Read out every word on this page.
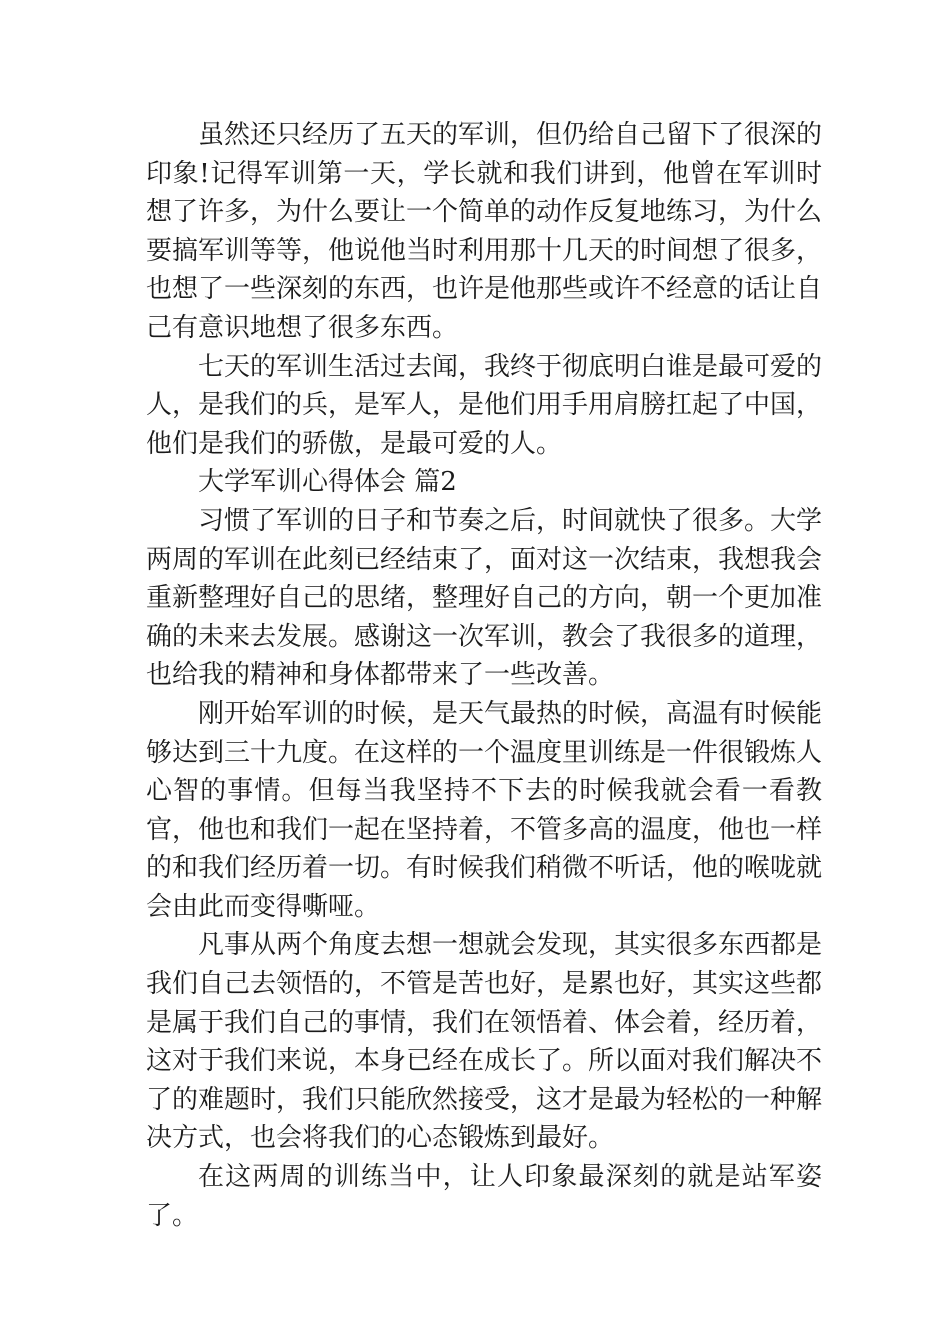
虽然还只经历了五天的军训，但仍给自己留下了很深的印象!记得军训第一天，学长就和我们讲到，他曾在军训时想了许多，为什么要让一个简单的动作反复地练习，为什么要搞军训等等，他说他当时利用那十几天的时间想了很多，也想了一些深刻的东西，也许是他那些或许不经意的话让自己有意识地想了很多东西。

七天的军训生活过去闻，我终于彻底明白谁是最可爱的人，是我们的兵，是军人，是他们用手用肩膀扛起了中国，他们是我们的骄傲，是最可爱的人。

大学军训心得体会 篇2

习惯了军训的日子和节奏之后，时间就快了很多。大学两周的军训在此刻已经结束了，面对这一次结束，我想我会重新整理好自己的思绪，整理好自己的方向，朝一个更加准确的未来去发展。感谢这一次军训，教会了我很多的道理，也给我的精神和身体都带来了一些改善。

刚开始军训的时候，是天气最热的时候，高温有时候能够达到三十九度。在这样的一个温度里训练是一件很锻炼人心智的事情。但每当我坚持不下去的时候我就会看一看教官，他也和我们一起在坚持着，不管多高的温度，他也一样的和我们经历着一切。有时候我们稍微不听话，他的喉咙就会由此而变得嘶哑。

凡事从两个角度去想一想就会发现，其实很多东西都是我们自己去领悟的，不管是苦也好，是累也好，其实这些都是属于我们自己的事情，我们在领悟着、体会着，经历着，这对于我们来说，本身已经在成长了。所以面对我们解决不了的难题时，我们只能欣然接受，这才是最为轻松的一种解决方式，也会将我们的心态锻炼到最好。

在这两周的训练当中，让人印象最深刻的就是站军姿了。
